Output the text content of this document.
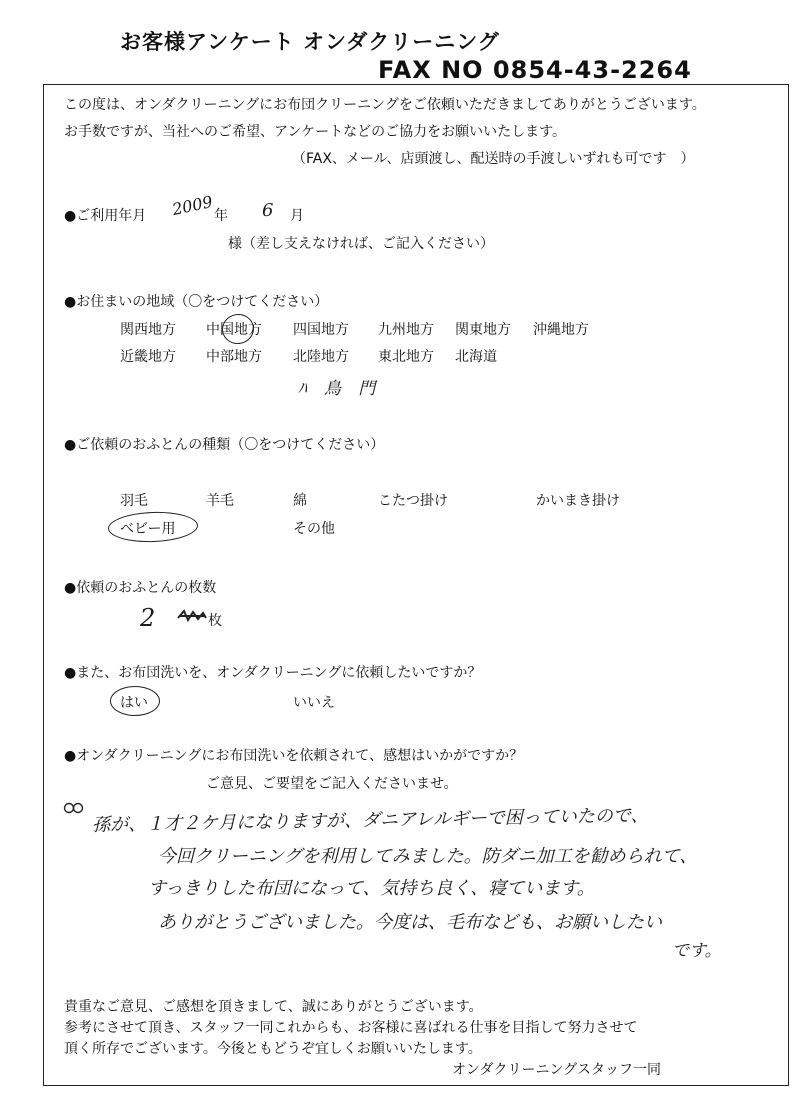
お客様アンケート オンダクリーニング
FAX NO 0854-43-2264
この度は、オンダクリーニングにお布団クリーニングをご依頼いただきましてありがとうございます。
お手数ですが、当社へのご希望、アンケートなどのご協力をお願いいたします。
（FAX、メール、店頭渡し、配送時の手渡しいずれも可です　）
●ご利用年月 2009 年 6 月
様（差し支えなければ、ご記入ください）
●お住まいの地域（〇をつけてください）
関西地方 中国地方 四国地方 九州地方 関東地方 沖縄地方
近畿地方 中部地方 北陸地方 東北地方 北海道
ﾊ 鳥 門
●ご依頼のおふとんの種類（〇をつけてください）
羽毛	羊毛	綿	こたつ掛け	かいまき掛け
ベビー用	その他
●依頼のおふとんの枚数
2	枚
●また、お布団洗いを、オンダクリーニングに依頼したいですか？
はい	いいえ
●オンダクリーニングにお布団洗いを依頼されて、感想はいかがですか？
ご意見、ご要望をご記入くださいませ。
孫が、１才２ケ月になりますが、ダニアレルギーで困っていたので、
今回クリーニングを利用してみました。防ダニ加工を勧められて、
すっきりした布団になって、気持ち良く、寝ています。
ありがとうございました。今度は、毛布なども、お願いしたい
です。
貴重なご意見、ご感想を頂きまして、誠にありがとうございます。
参考にさせて頂き、スタッフ一同これからも、お客様に喜ばれる仕事を目指して努力させて
頂く所存でございます。今後ともどうぞ宜しくお願いいたします。
オンダクリーニングスタッフ一同
